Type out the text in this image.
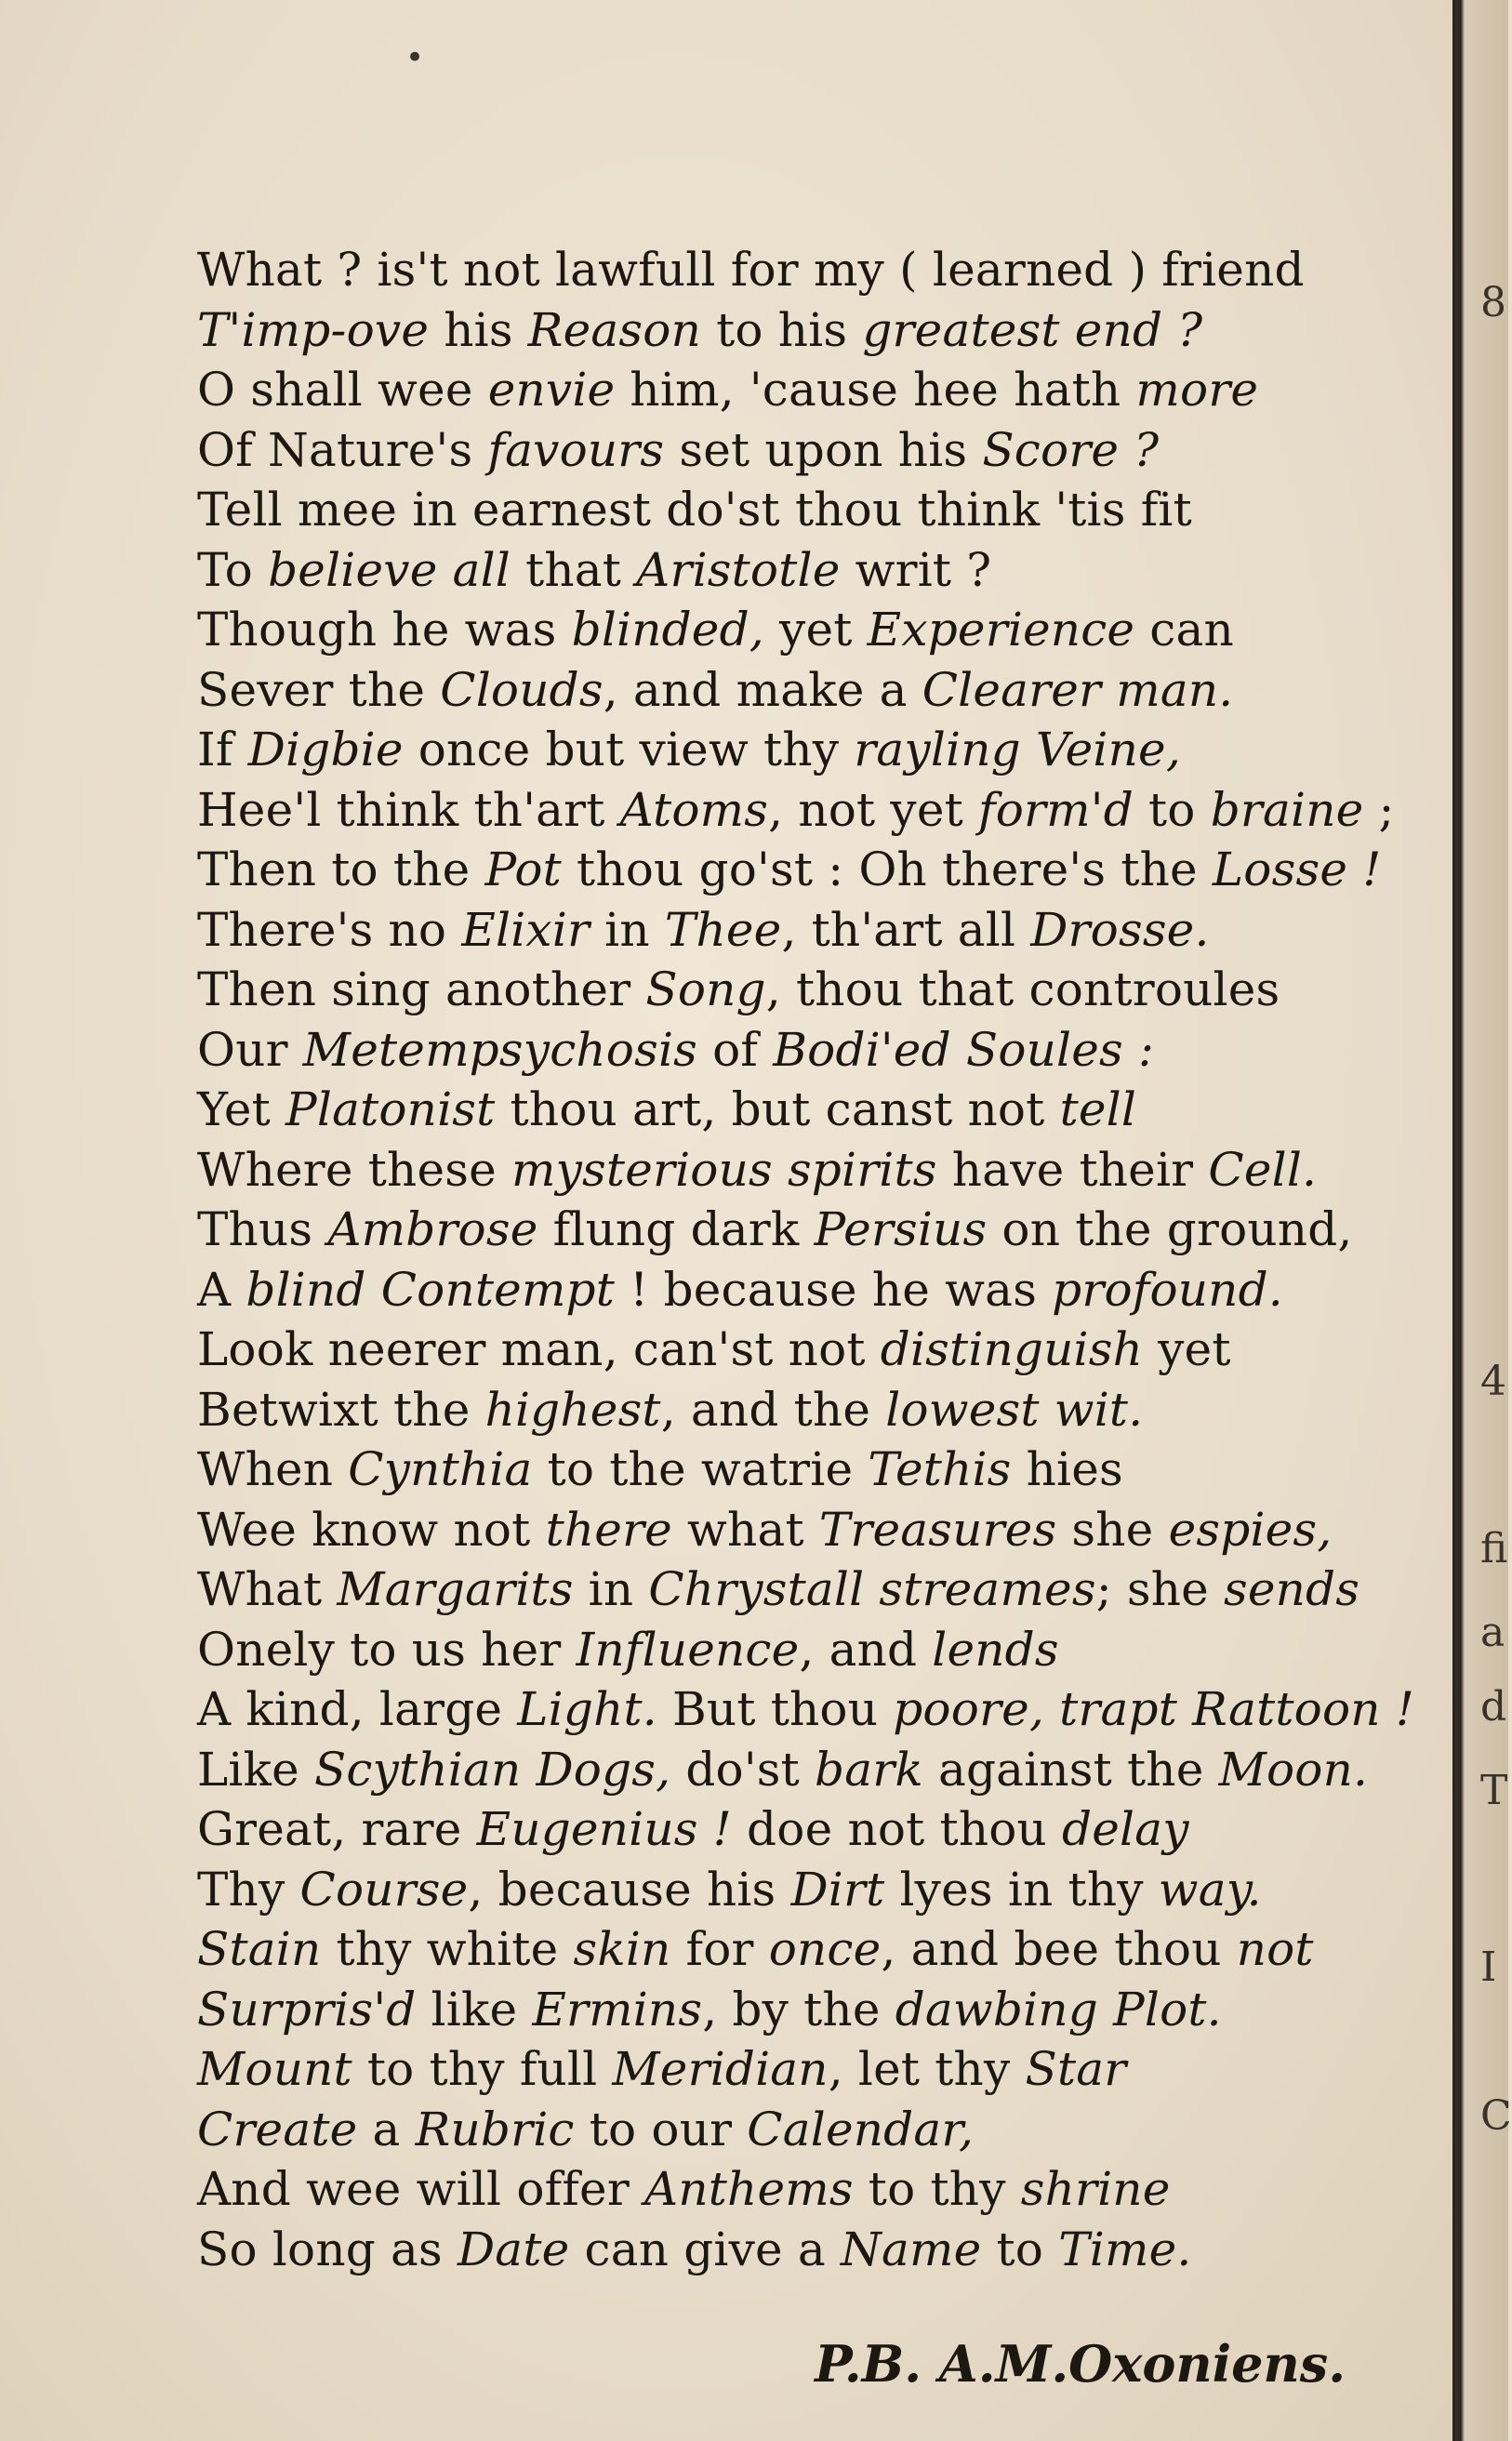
•
What ? is't not lawfull for my ( learned ) friend
T'imp-ove his Reason to his greatest end ?
O shall wee envie him, 'cause hee hath more
Of Nature's favours set upon his Score ?
Tell mee in earnest do'st thou think 'tis fit
To believe all that Aristotle writ ?
Though he was blinded, yet Experience can
Sever the Clouds, and make a Clearer man.
If Digbie once but view thy rayling Veine,
Hee'l think th'art Atoms, not yet form'd to braine ;
Then to the Pot thou go'st : Oh there's the Losse !
There's no Elixir in Thee, th'art all Drosse.
Then sing another Song, thou that controules
Our Metempsychosis of Bodi'ed Soules :
Yet Platonist thou art, but canst not tell
Where these mysterious spirits have their Cell.
Thus Ambrose flung dark Persius on the ground,
A blind Contempt ! because he was profound.
Look neerer man, can'st not distinguish yet
Betwixt the highest, and the lowest wit.
When Cynthia to the watrie Tethis hies
Wee know not there what Treasures she espies,
What Margarits in Chrystall streames; she sends
Onely to us her Influence, and lends
A kind, large Light. But thou poore, trapt Rattoon !
Like Scythian Dogs, do'st bark against the Moon.
Great, rare Eugenius ! doe not thou delay
Thy Course, because his Dirt lyes in thy way.
Stain thy white skin for once, and bee thou not
Surpris'd like Ermins, by the dawbing Plot.
Mount to thy full Meridian, let thy Star
Create a Rubric to our Calendar,
And wee will offer Anthems to thy shrine
So long as Date can give a Name to Time.
P.B. A.M.Oxoniens.
8
4
fi
a
d
T
I
C
